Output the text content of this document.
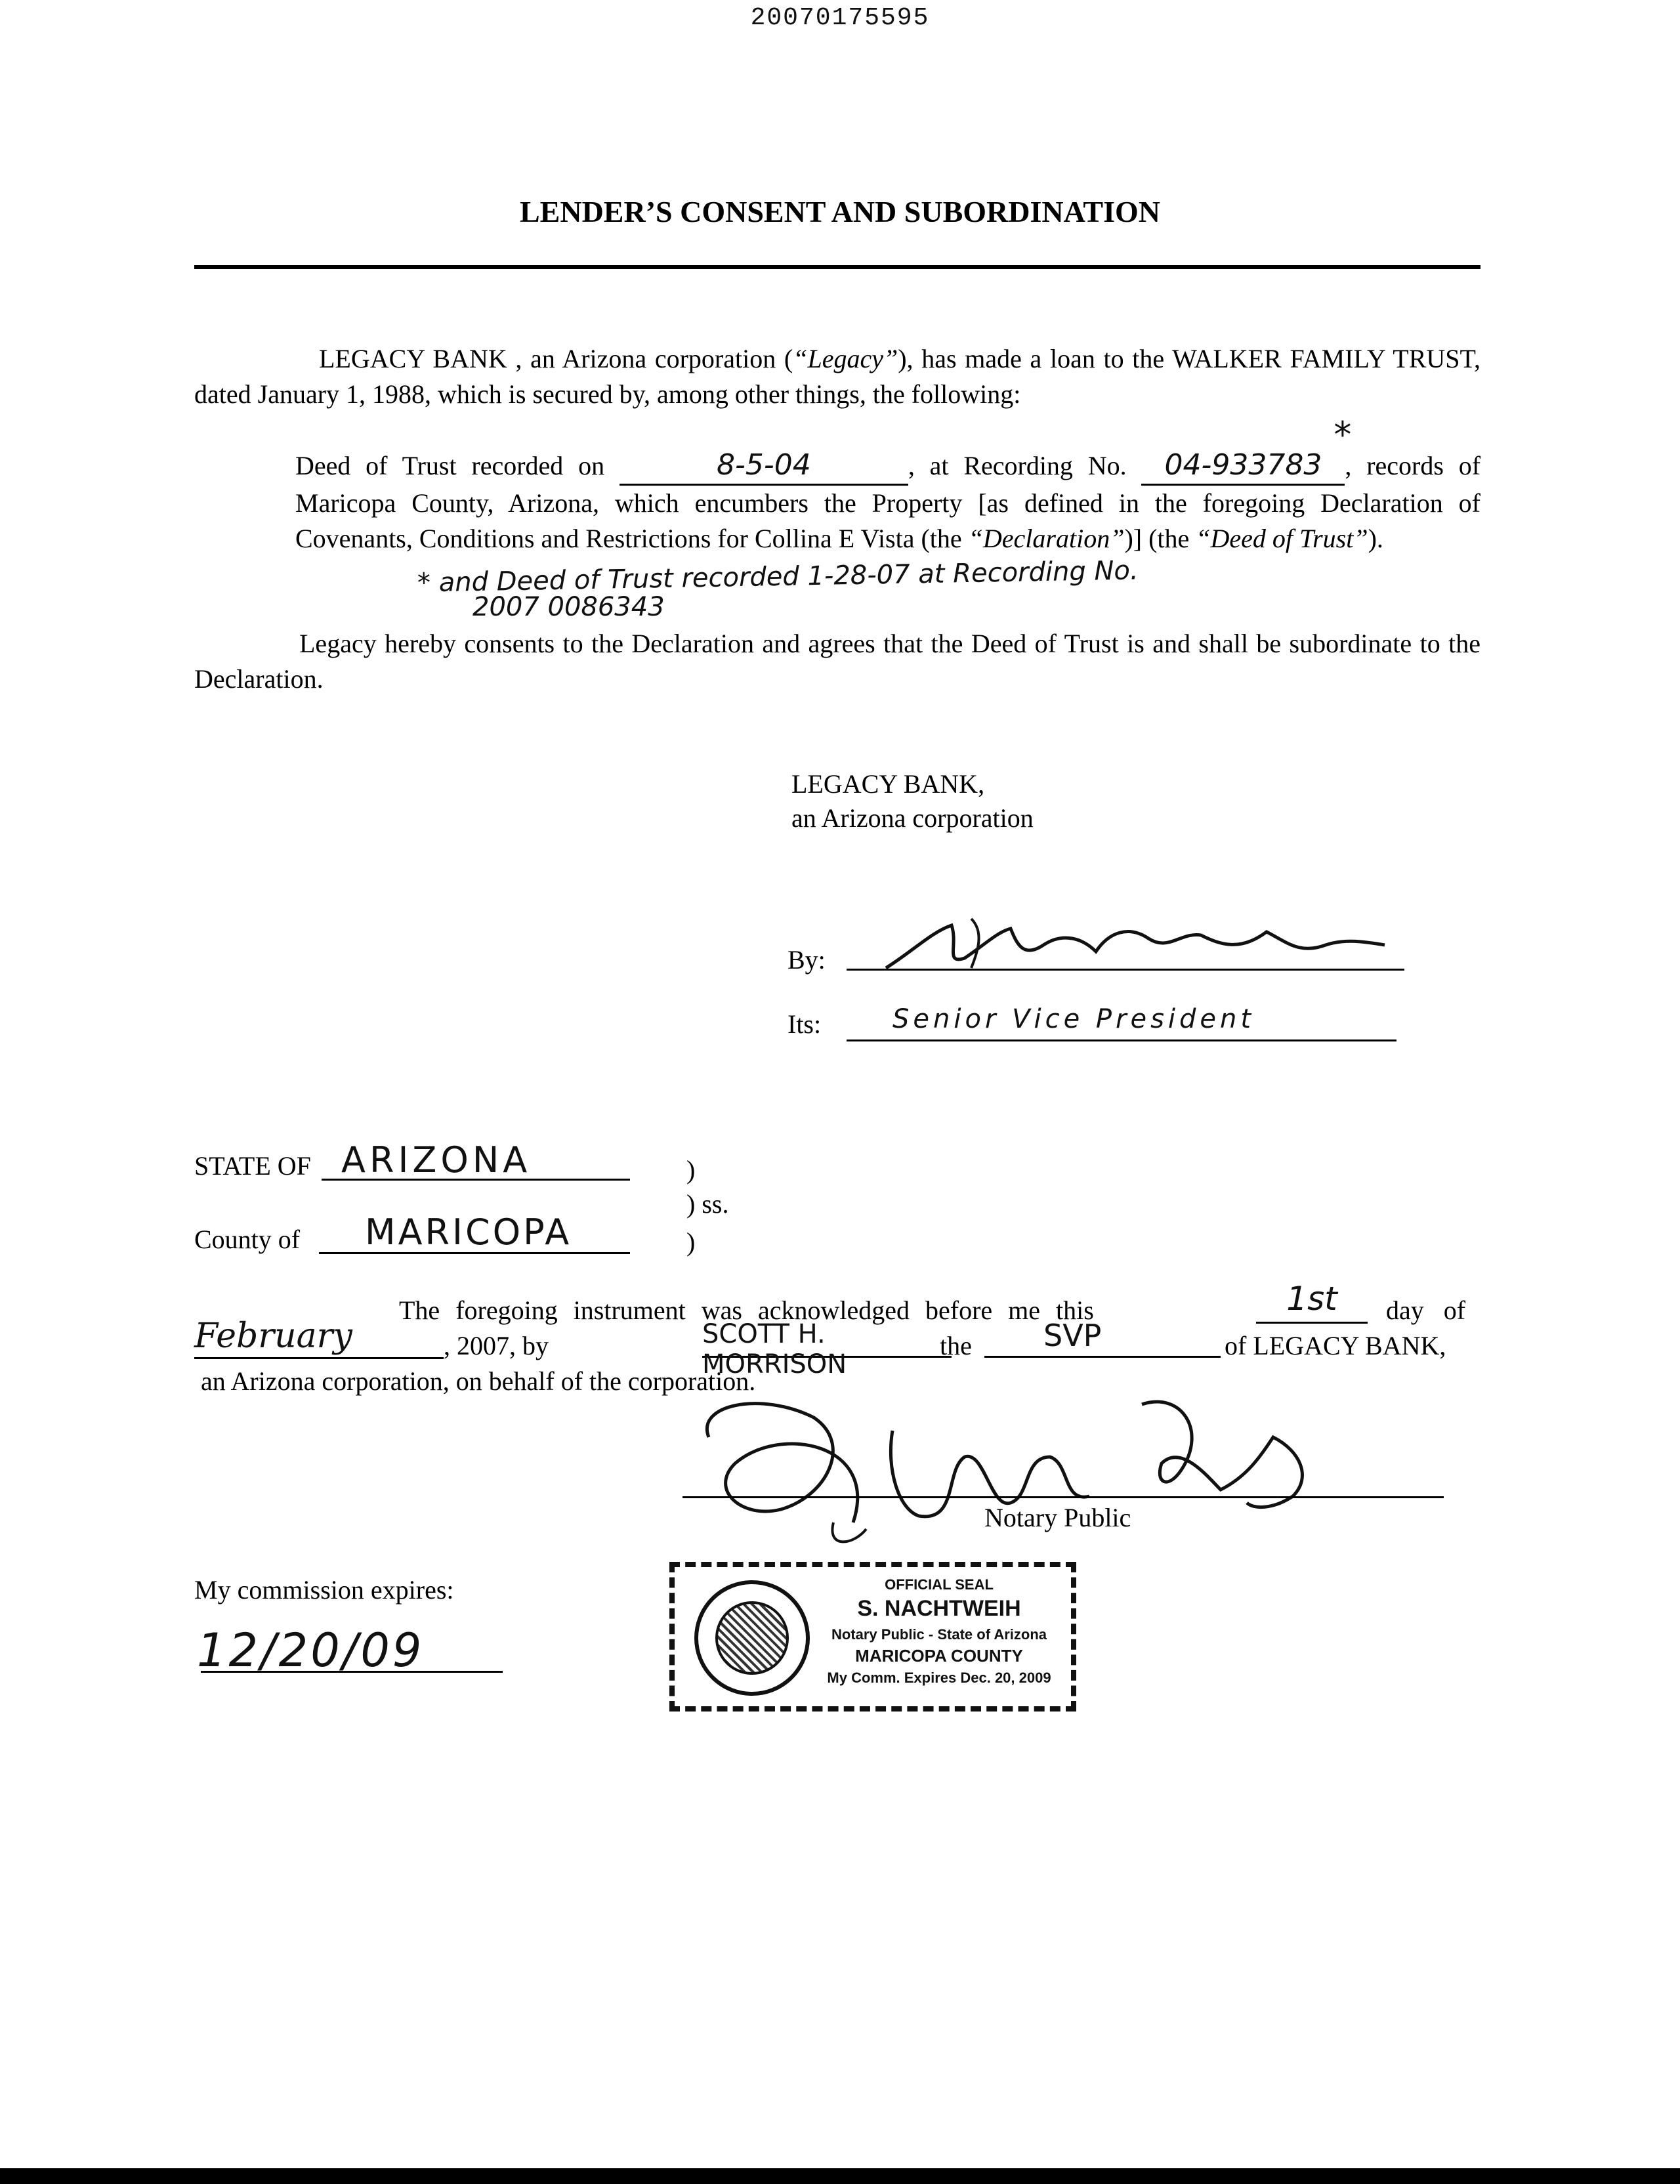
20070175595
LENDER’S CONSENT AND SUBORDINATION
LEGACY BANK , an Arizona corporation (“Legacy”), has made a loan to the WALKER FAMILY TRUST, dated January 1, 1988, which is secured by, among other things, the following:
Deed of Trust recorded on	8-5-04	, at Recording No. 04-933783
*
, records of Maricopa County, Arizona, which encumbers the Property [as defined in the foregoing Declaration of Covenants, Conditions and Restrictions for Collina E Vista (the “Declaration”)] (the “Deed of Trust”).
* and Deed of Trust recorded 1-28-07 at Recording No.
2007 0086343
Legacy hereby consents to the Declaration and agrees that the Deed of Trust is and shall be subordinate to the Declaration.
LEGACY BANK,
an Arizona corporation
By:
Its:	Senior Vice President
STATE OF ARIZONA	)
) ss.
County of	MARICOPA	)
The foregoing instrument was acknowledged before me this	1st	day of
February	, 2007, by	SCOTT H. MORRISON
the	SVP	of LEGACY BANK,
an Arizona corporation, on behalf of the corporation.
Notary Public
My commission expires:
12/20/09
OFFICIAL SEAL
S. NACHTWEIH
Notary Public - State of Arizona
MARICOPA COUNTY
My Comm. Expires Dec. 20, 2009
